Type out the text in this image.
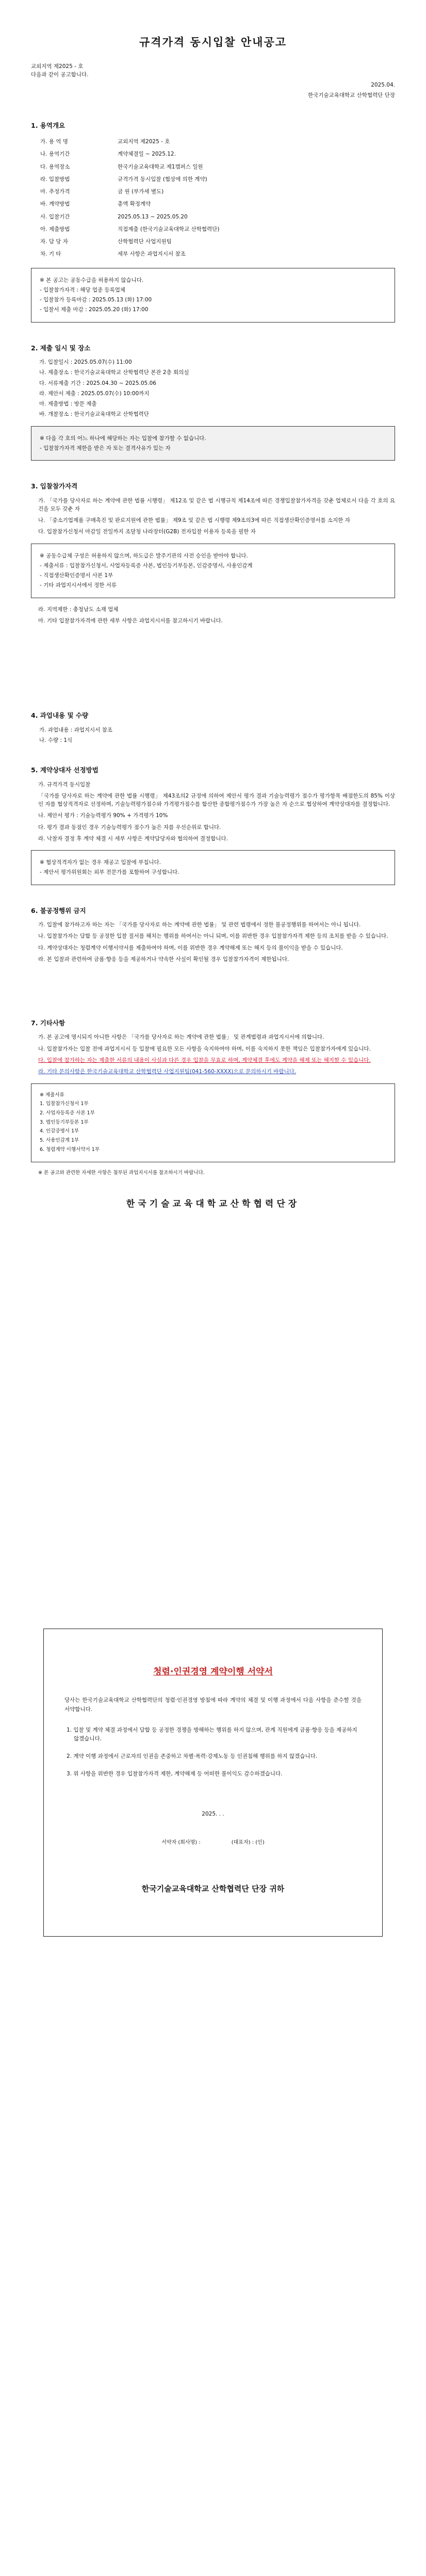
규격가격 동시입찰 안내공고
교외지역 제2025 - 호
다음과 같이 공고합니다.
2025.04.
한국기술교육대학교 산학협력단 단장
1. 용역개요
가. 용 역 명	교외지역 제2025 - 호
나. 용역기간	계약체결일 ~ 2025.12.
다. 용역장소	한국기술교육대학교 제1캠퍼스 일원
라. 입찰방법	규격가격 동시입찰 (협상에 의한 계약)
마. 추정가격	금 원 (부가세 별도)
바. 계약방법	총액 확정계약
사. 입찰기간	2025.05.13 ~ 2025.05.20
아. 제출방법	직접제출 (한국기술교육대학교 산학협력단)
자. 담 당 자	산학협력단 사업지원팀
차. 기 타	세부 사항은 과업지시서 참조

※ 본 공고는 공동수급을 허용하지 않습니다.

- 입찰참가자격 : 해당 업종 등록업체

- 입찰참가 등록마감 : 2025.05.13 (화) 17:00

- 입찰서 제출 마감 : 2025.05.20 (화) 17:00

2. 제출 일시 및 장소
가. 입찰일시 : 2025.05.07(수) 11:00
나. 제출장소 : 한국기술교육대학교 산학협력단 본관 2층 회의실
다. 서류제출 기간 : 2025.04.30 ~ 2025.05.06
라. 제안서 제출 : 2025.05.07(수) 10:00까지
마. 제출방법 : 방문 제출
바. 개찰장소 : 한국기술교육대학교 산학협력단

※ 다음 각 호의 어느 하나에 해당하는 자는 입찰에 참가할 수 없습니다.

- 입찰참가자격 제한을 받은 자 또는 결격사유가 있는 자

3. 입찰참가자격
가. 「국가를 당사자로 하는 계약에 관한 법률 시행령」 제12조 및 같은 법 시행규칙 제14조에 따른 경쟁입찰참가자격을 갖춘 업체로서 다음 각 호의 요건을 모두 갖춘 자
나. 「중소기업제품 구매촉진 및 판로지원에 관한 법률」 제9조 및 같은 법 시행령 제9조의3에 따른 직접생산확인증명서를 소지한 자
다. 입찰참가신청서 마감일 전일까지 조달청 나라장터(G2B) 전자입찰 이용자 등록을 필한 자

※ 공동수급체 구성은 허용하지 않으며, 하도급은 발주기관의 사전 승인을 받아야 합니다.

- 제출서류 : 입찰참가신청서, 사업자등록증 사본, 법인등기부등본, 인감증명서, 사용인감계

- 직접생산확인증명서 사본 1부

- 기타 과업지시서에서 정한 서류

라. 지역제한 : 충청남도 소재 업체
마. 기타 입찰참가자격에 관한 세부 사항은 과업지시서를 참고하시기 바랍니다.
4. 과업내용 및 수량
가. 과업내용 : 과업지시서 참조
나. 수량 : 1식
5. 계약상대자 선정방법
가. 규격가격 동시입찰
「국가를 당사자로 하는 계약에 관한 법률 시행령」 제43조의2 규정에 의하여 제안서 평가 결과 기술능력평가 점수가 평가항목 배점한도의 85% 이상인 자를 협상적격자로 선정하며, 기술능력평가점수와 가격평가점수를 합산한 종합평가점수가 가장 높은 자 순으로 협상하여 계약상대자를 결정합니다.
나. 제안서 평가 : 기술능력평가 90% + 가격평가 10%
다. 평가 결과 동점인 경우 기술능력평가 점수가 높은 자를 우선순위로 합니다.
라. 낙찰자 결정 후 계약 체결 시 세부 사항은 계약담당자와 협의하여 결정합니다.

※ 협상적격자가 없는 경우 재공고 입찰에 부칩니다.

- 제안서 평가위원회는 외부 전문가를 포함하여 구성합니다.

6. 불공정행위 금지
가. 입찰에 참가하고자 하는 자는 「국가를 당사자로 하는 계약에 관한 법률」 및 관련 법령에서 정한 불공정행위를 하여서는 아니 됩니다.
나. 입찰참가자는 담합 등 공정한 입찰 질서를 해치는 행위를 하여서는 아니 되며, 이를 위반한 경우 입찰참가자격 제한 등의 조치를 받을 수 있습니다.
다. 계약상대자는 청렴계약 이행서약서를 제출하여야 하며, 이를 위반한 경우 계약해제 또는 해지 등의 불이익을 받을 수 있습니다.
라. 본 입찰과 관련하여 금품·향응 등을 제공하거나 약속한 사실이 확인될 경우 입찰참가자격이 제한됩니다.
7. 기타사항
가. 본 공고에 명시되지 아니한 사항은 「국가를 당사자로 하는 계약에 관한 법률」 및 관계법령과 과업지시서에 의합니다.
나. 입찰참가자는 입찰 전에 과업지시서 등 입찰에 필요한 모든 사항을 숙지하여야 하며, 이를 숙지하지 못한 책임은 입찰참가자에게 있습니다.
다. 입찰에 참가하는 자는 제출한 서류의 내용이 사실과 다른 경우 입찰을 무효로 하며, 계약체결 후에도 계약을 해제 또는 해지할 수 있습니다.
라. 기타 문의사항은 한국기술교육대학교 산학협력단 사업지원팀(041-560-XXXX)으로 문의하시기 바랍니다.

※ 제출서류

1. 입찰참가신청서 1부

2. 사업자등록증 사본 1부

3. 법인등기부등본 1부

4. 인감증명서 1부

5. 사용인감계 1부

6. 청렴계약 이행서약서 1부

※ 본 공고와 관련한 자세한 사항은 첨부된 과업지시서를 참조하시기 바랍니다.
한국기술교육대학교산학협력단장
청렴·인권경영 계약이행 서약서
당사는 한국기술교육대학교 산학협력단의 청렴·인권경영 방침에 따라 계약의 체결 및 이행 과정에서 다음 사항을 준수할 것을 서약합니다.
1. 입찰 및 계약 체결 과정에서 담합 등 공정한 경쟁을 방해하는 행위를 하지 않으며, 관계 직원에게 금품·향응 등을 제공하지 않겠습니다.
2. 계약 이행 과정에서 근로자의 인권을 존중하고 차별·폭력·강제노동 등 인권침해 행위를 하지 않겠습니다.
3. 위 사항을 위반한 경우 입찰참가자격 제한, 계약해제 등 어떠한 불이익도 감수하겠습니다.
2025. . .
서약자 (회사명) :	(대표자) : (인)
한국기술교육대학교 산학협력단 단장 귀하
